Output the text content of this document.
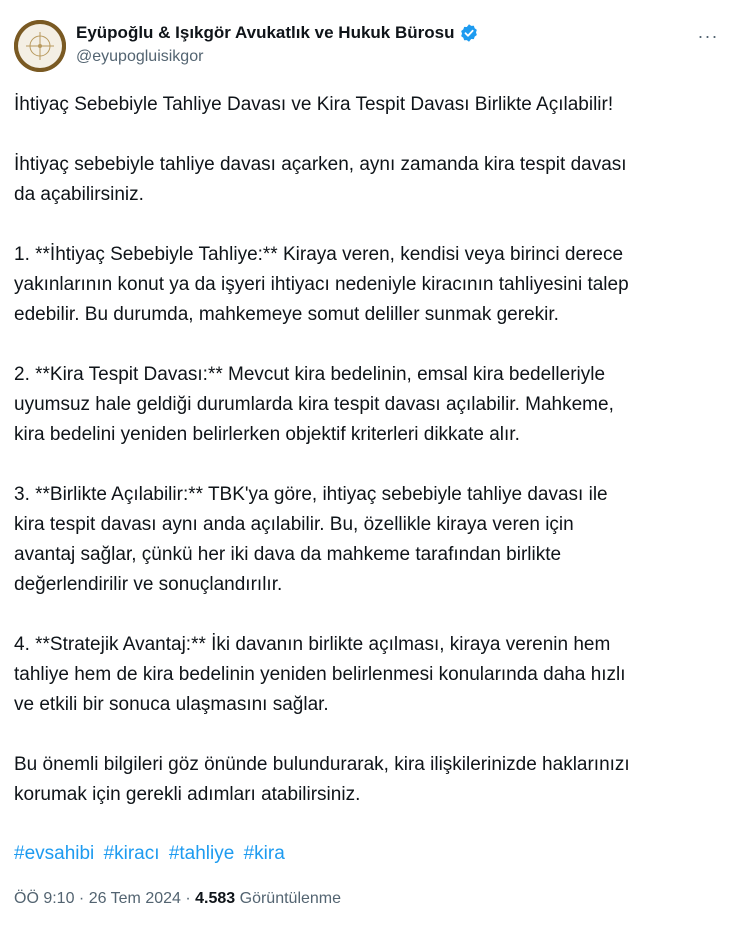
Eyüpoğlu & Işıkgör Avukatlık ve Hukuk Bürosu
@eyupogluisikgor
···

İhtiyaç Sebebiyle Tahliye Davası ve Kira Tespit Davası Birlikte Açılabilir!

İhtiyaç sebebiyle tahliye davası açarken, aynı zamanda kira tespit davası
da açabilirsiniz.

1. **İhtiyaç Sebebiyle Tahliye:** Kiraya veren, kendisi veya birinci derece
yakınlarının konut ya da işyeri ihtiyacı nedeniyle kiracının tahliyesini talep
edebilir. Bu durumda, mahkemeye somut deliller sunmak gerekir.

2. **Kira Tespit Davası:** Mevcut kira bedelinin, emsal kira bedelleriyle
uyumsuz hale geldiği durumlarda kira tespit davası açılabilir. Mahkeme,
kira bedelini yeniden belirlerken objektif kriterleri dikkate alır.

3. **Birlikte Açılabilir:** TBK'ya göre, ihtiyaç sebebiyle tahliye davası ile
kira tespit davası aynı anda açılabilir. Bu, özellikle kiraya veren için
avantaj sağlar, çünkü her iki dava da mahkeme tarafından birlikte
değerlendirilir ve sonuçlandırılır.

4. **Stratejik Avantaj:** İki davanın birlikte açılması, kiraya verenin hem
tahliye hem de kira bedelinin yeniden belirlenmesi konularında daha hızlı
ve etkili bir sonuca ulaşmasını sağlar.

Bu önemli bilgileri göz önünde bulundurarak, kira ilişkilerinizde haklarınızı
korumak için gerekli adımları atabilirsiniz.

#evsahibi #kiracı #tahliye #kira
ÖÖ 9:10 · 26 Tem 2024 · 4.583 Görüntülenme
